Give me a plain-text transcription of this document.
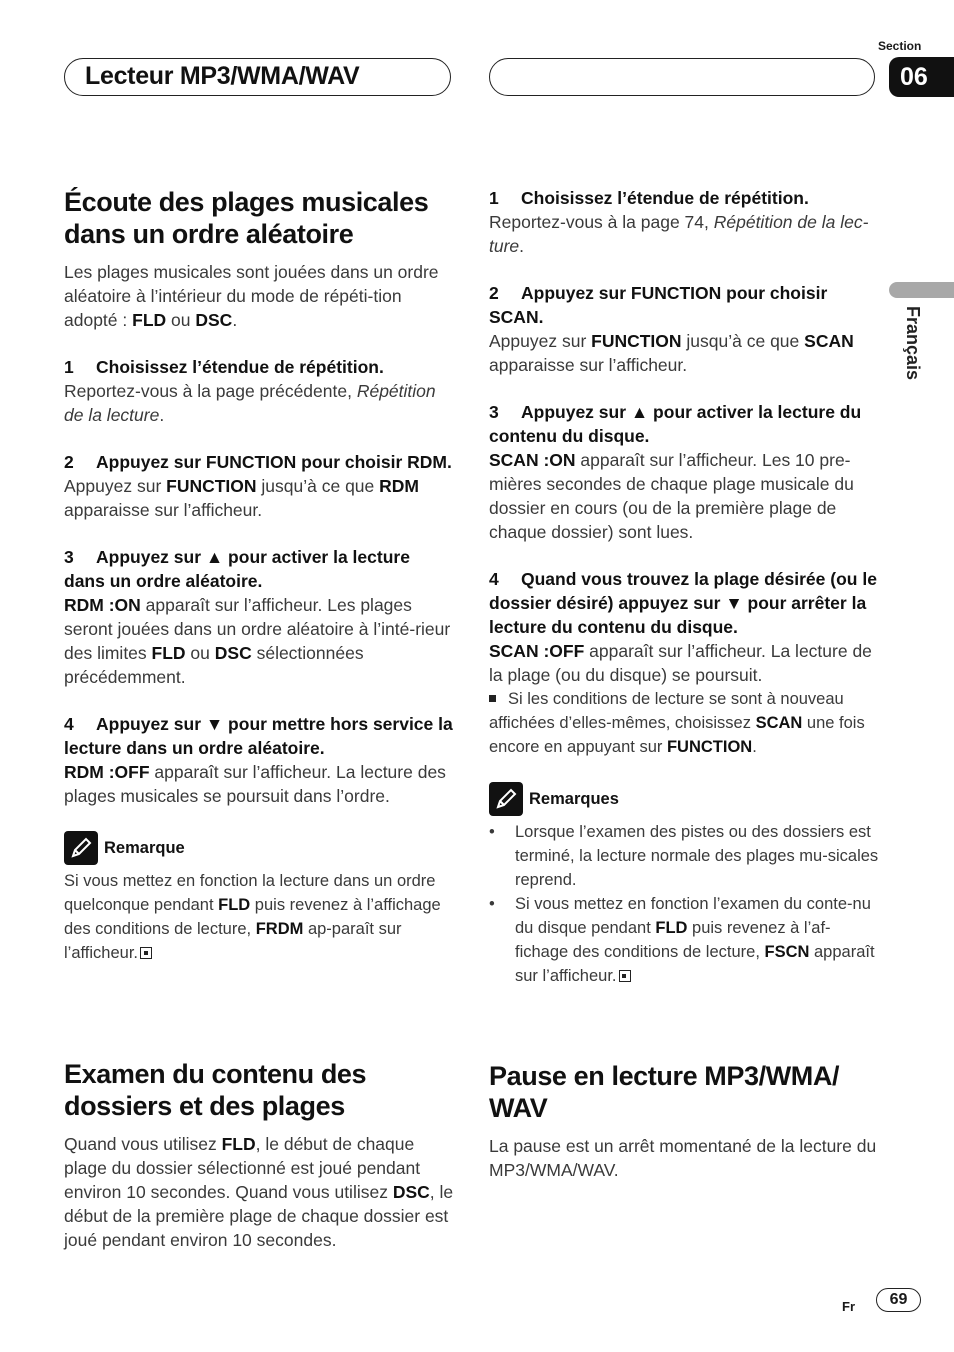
Lecteur MP3/WMA/WAV
Section
06
Français
Écoute des plages musicales dans un ordre aléatoire

Les plages musicales sont jouées dans un ordre aléatoire à l’intérieur du mode de répéti-tion adopté : FLD ou DSC.

1 Choisissez l’étendue de répétition.

Reportez-vous à la page précédente, Répétition de la lecture.

2 Appuyez sur FUNCTION pour choisir RDM.

Appuyez sur FUNCTION jusqu’à ce que RDM apparaisse sur l’afficheur.

3 Appuyez sur ▲ pour activer la lecture dans un ordre aléatoire.

RDM :ON apparaît sur l’afficheur. Les plages seront jouées dans un ordre aléatoire à l’inté-rieur des limites FLD ou DSC sélectionnées précédemment.

4 Appuyez sur ▼ pour mettre hors service la lecture dans un ordre aléatoire.

RDM :OFF apparaît sur l’afficheur. La lecture des plages musicales se poursuit dans l’ordre.

Remarque

Si vous mettez en fonction la lecture dans un ordre quelconque pendant FLD puis revenez à l’affichage des conditions de lecture, FRDM ap-paraît sur l’afficheur.

1 Choisissez l’étendue de répétition.

Reportez-vous à la page 74, Répétition de la lec-ture.

2 Appuyez sur FUNCTION pour choisir SCAN.

Appuyez sur FUNCTION jusqu’à ce que SCAN apparaisse sur l’afficheur.

3 Appuyez sur ▲ pour activer la lecture du contenu du disque.

SCAN :ON apparaît sur l’afficheur. Les 10 pre-mières secondes de chaque plage musicale du dossier en cours (ou de la première plage de chaque dossier) sont lues.

4 Quand vous trouvez la plage désirée (ou le dossier désiré) appuyez sur ▼ pour arrêter la lecture du contenu du disque.

SCAN :OFF apparaît sur l’afficheur. La lecture de la plage (ou du disque) se poursuit.

Si les conditions de lecture se sont à nouveau affichées d’elles-mêmes, choisissez SCAN une fois encore en appuyant sur FUNCTION.

Remarques

• Lorsque l’examen des pistes ou des dossiers est terminé, la lecture normale des plages mu-sicales reprend.

• Si vous mettez en fonction l’examen du conte-nu du disque pendant FLD puis revenez à l’af-fichage des conditions de lecture, FSCN apparaît sur l’afficheur.

Examen du contenu des dossiers et des plages

Quand vous utilisez FLD, le début de chaque plage du dossier sélectionné est joué pendant environ 10 secondes. Quand vous utilisez DSC, le début de la première plage de chaque dossier est joué pendant environ 10 secondes.

Pause en lecture MP3/WMA/ WAV

La pause est un arrêt momentané de la lecture du MP3/WMA/WAV.

Fr	69
